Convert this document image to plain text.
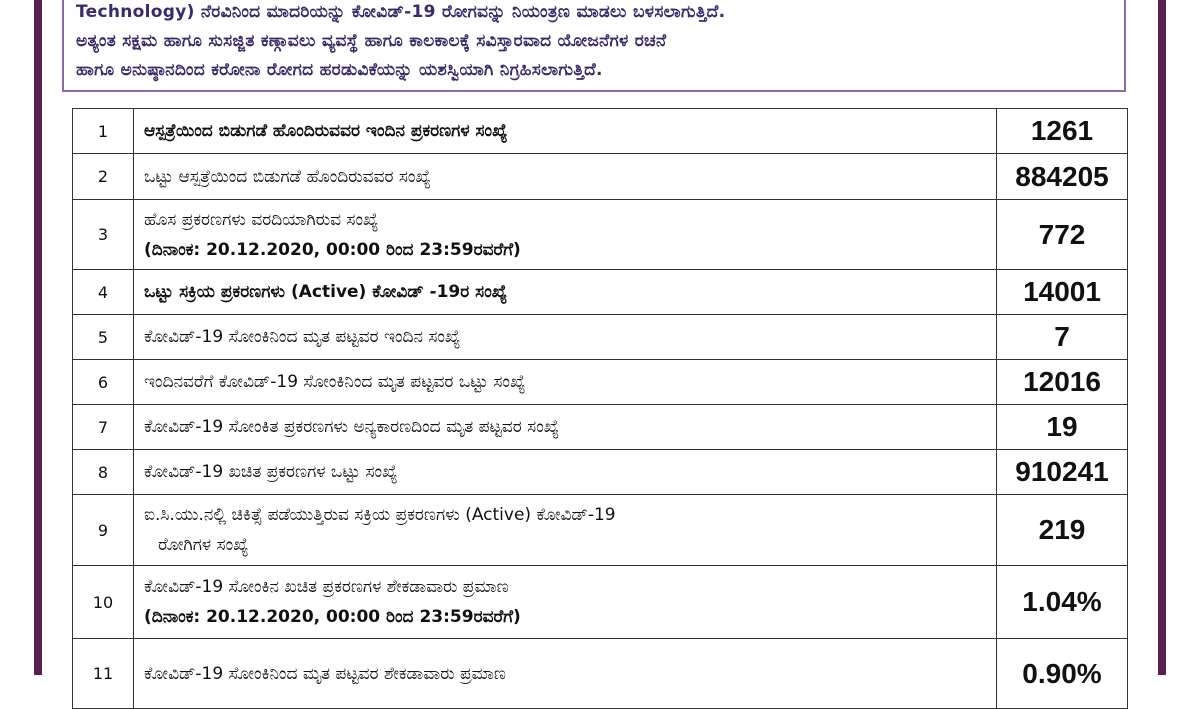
Technology) ನೆರವಿನಿಂದ ಮಾದರಿಯನ್ನು ಕೋವಿಡ್-19 ರೋಗವನ್ನು ನಿಯಂತ್ರಣ ಮಾಡಲು ಬಳಸಲಾಗುತ್ತಿದೆ.
ಅತ್ಯಂತ ಸಕ್ಷಮ ಹಾಗೂ ಸುಸಜ್ಜಿತ ಕಣ್ಗಾವಲು ವ್ಯವಸ್ಥೆ ಹಾಗೂ ಕಾಲಕಾಲಕ್ಕೆ ಸವಿಸ್ತಾರವಾದ ಯೋಜನೆಗಳ ರಚನೆ
ಹಾಗೂ ಅನುಷ್ಠಾನದಿಂದ ಕರೋನಾ ರೋಗದ ಹರಡುವಿಕೆಯನ್ನು ಯಶಸ್ವಿಯಾಗಿ ನಿಗ್ರಹಿಸಲಾಗುತ್ತಿದೆ.
1	ಆಸ್ಪತ್ರೆಯಿಂದ ಬಿಡುಗಡೆ ಹೊಂದಿರುವವರ ಇಂದಿನ ಪ್ರಕರಣಗಳ ಸಂಖ್ಯೆ	1261
2	ಒಟ್ಟು ಆಸ್ಪತ್ರೆಯಿಂದ ಬಿಡುಗಡೆ ಹೊಂದಿರುವವರ ಸಂಖ್ಯೆ	884205
3	ಹೊಸ ಪ್ರಕರಣಗಳು ವರದಿಯಾಗಿರುವ ಸಂಖ್ಯೆ
(ದಿನಾಂಕ: 20.12.2020, 00:00 ರಿಂದ 23:59ರವರೆಗೆ)	772
4	ಒಟ್ಟು ಸಕ್ರಿಯ ಪ್ರಕರಣಗಳು (Active) ಕೋವಿಡ್ -19ರ ಸಂಖ್ಯೆ	14001
5	ಕೋವಿಡ್-19 ಸೋಂಕಿನಿಂದ ಮೃತ ಪಟ್ಟವರ ಇಂದಿನ ಸಂಖ್ಯೆ	7
6	ಇಂದಿನವರೆಗೆ ಕೋವಿಡ್-19 ಸೋಂಕಿನಿಂದ ಮೃತ ಪಟ್ಟವರ ಒಟ್ಟು ಸಂಖ್ಯೆ	12016
7	ಕೋವಿಡ್-19 ಸೋಂಕಿತ ಪ್ರಕರಣಗಳು ಅನ್ಯಕಾರಣದಿಂದ ಮೃತ ಪಟ್ಟವರ ಸಂಖ್ಯೆ	19
8	ಕೋವಿಡ್-19 ಖಚಿತ ಪ್ರಕರಣಗಳ ಒಟ್ಟು ಸಂಖ್ಯೆ	910241
9	ಐ.ಸಿ.ಯು.ನಲ್ಲಿ ಚಿಕಿತ್ಸೆ ಪಡೆಯುತ್ತಿರುವ ಸಕ್ರಿಯ ಪ್ರಕರಣಗಳು (Active) ಕೋವಿಡ್-19
ರೋಗಿಗಳ ಸಂಖ್ಯೆ	219
10	ಕೋವಿಡ್-19 ಸೋಂಕಿನ ಖಚಿತ ಪ್ರಕರಣಗಳ ಶೇಕಡಾವಾರು ಪ್ರಮಾಣ
(ದಿನಾಂಕ: 20.12.2020, 00:00 ರಿಂದ 23:59ರವರೆಗೆ)	1.04%
11	ಕೋವಿಡ್-19 ಸೋಂಕಿನಿಂದ ಮೃತ ಪಟ್ಟವರ ಶೇಕಡಾವಾರು ಪ್ರಮಾಣ	0.90%
